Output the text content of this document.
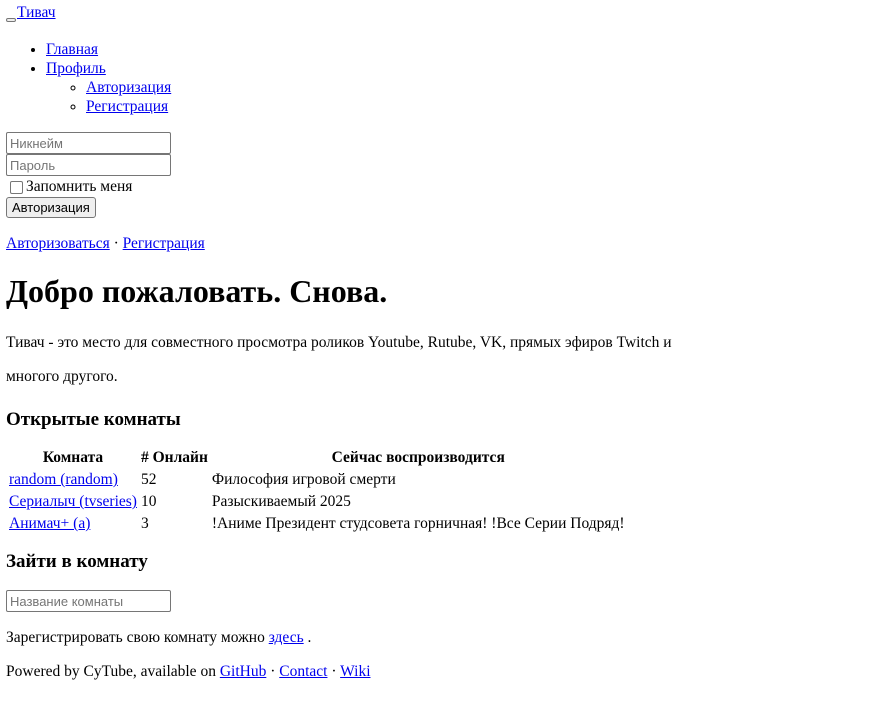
Тивач
• Главная
• Профиль
◦ Авторизация
◦ Регистрация
Никнейм
Запомнить меня
Авторизация
Авторизоваться · Регистрация
Добро пожаловать. Снова.

Тивач - это место для совместного просмотра роликов Youtube, Rutube, VK, прямых эфиров Twitch и многого другого.

Открытые комнаты
Комната	# Онлайн	Сейчас воспроизводится
random (random)	52	Философия игровой смерти
Сериалыч (tvseries)	10	Разыскиваемый 2025
Анимач+ (a)	3	!Аниме Президент студсовета горничная! !Все Серии Подряд!
Зайти в комнату
Название комнаты
Зарегистрировать свою комнату можно здесь .
Powered by CyTube, available on GitHub · Contact · Wiki
